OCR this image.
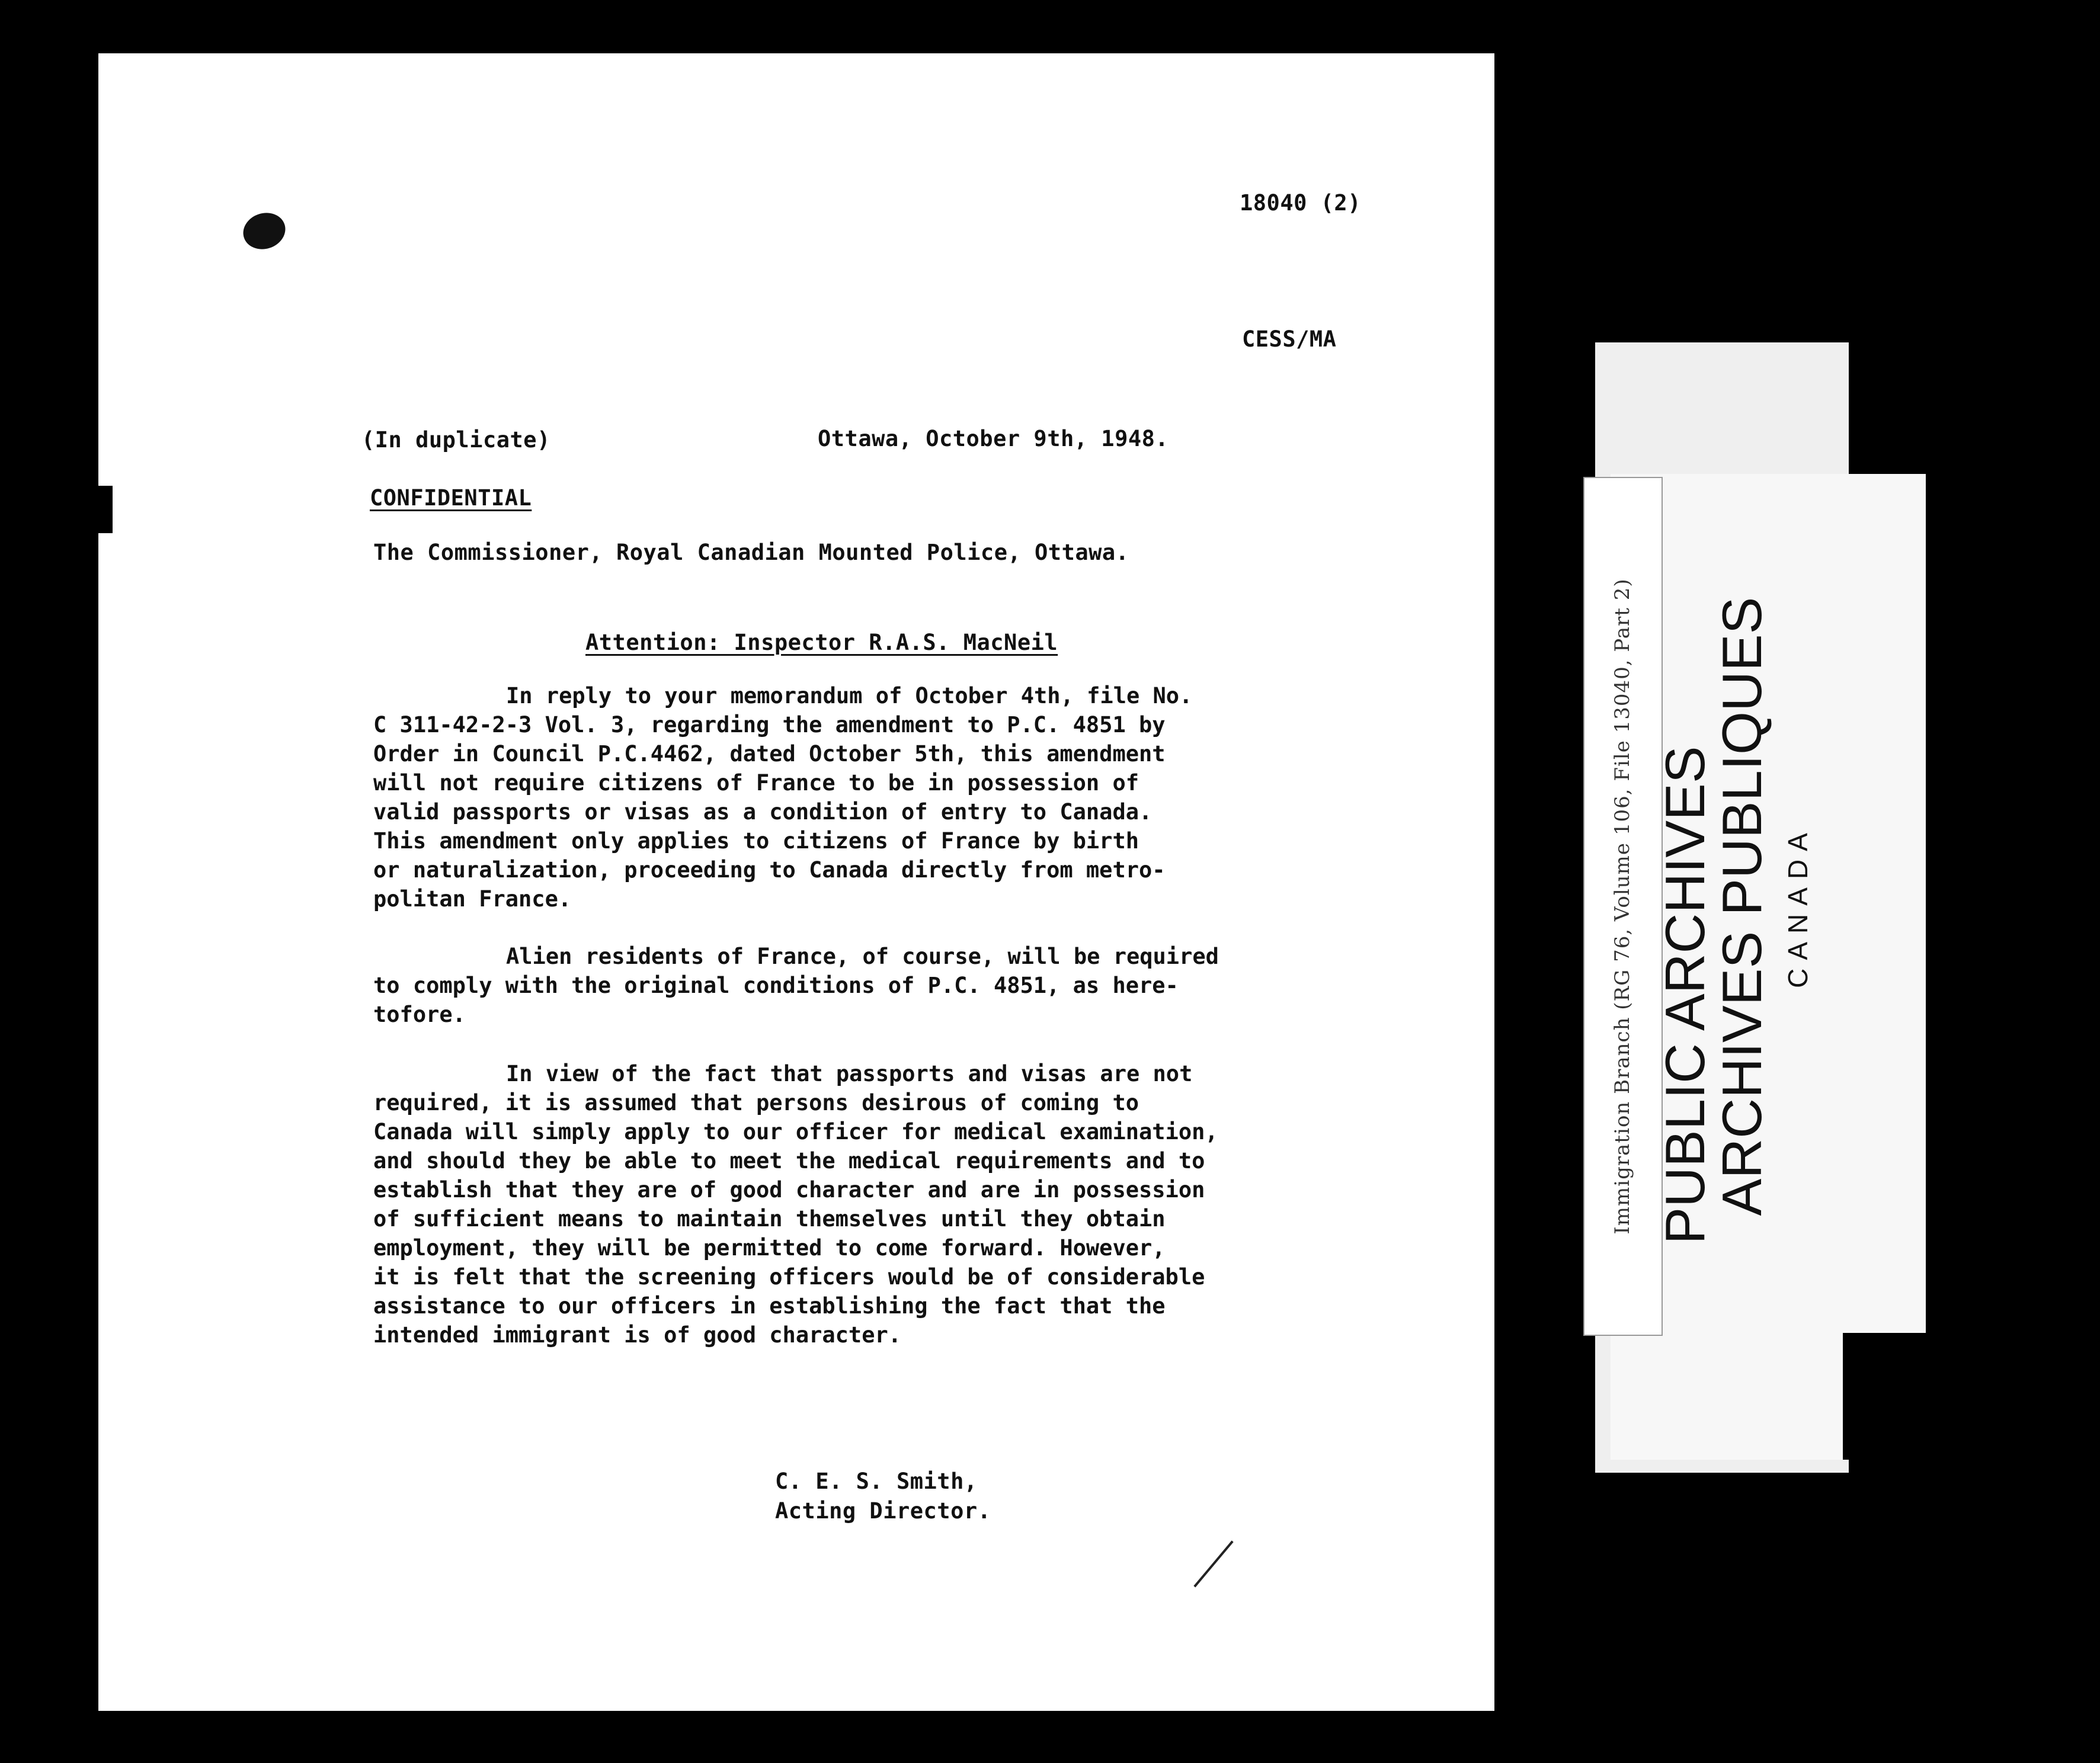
18040 (2)
CESS/MA
(In duplicate)	Ottawa, October 9th, 1948.
CONFIDENTIAL
The Commissioner, Royal Canadian Mounted Police, Ottawa.
Attention: Inspector R.A.S. MacNeil
In reply to your memorandum of October 4th, file No.
C 311-42-2-3 Vol. 3, regarding the amendment to P.C. 4851 by
Order in Council P.C.4462, dated October 5th, this amendment
will not require citizens of France to be in possession of
valid passports or visas as a condition of entry to Canada.
This amendment only applies to citizens of France by birth
or naturalization, proceeding to Canada directly from metro-
politan France.
Alien residents of France, of course, will be required
to comply with the original conditions of P.C. 4851, as here-
tofore.
In view of the fact that passports and visas are not
required, it is assumed that persons desirous of coming to
Canada will simply apply to our officer for medical examination,
and should they be able to meet the medical requirements and to
establish that they are of good character and are in possession
of sufficient means to maintain themselves until they obtain
employment, they will be permitted to come forward. However,
it is felt that the screening officers would be of considerable
assistance to our officers in establishing the fact that the
intended immigrant is of good character.
C. E. S. Smith,
Acting Director.
Immigration Branch (RG 76, Volume 106, File 13040, Part 2) PUBLIC ARCHIVES
ARCHIVES PUBLIQUES CANADA
